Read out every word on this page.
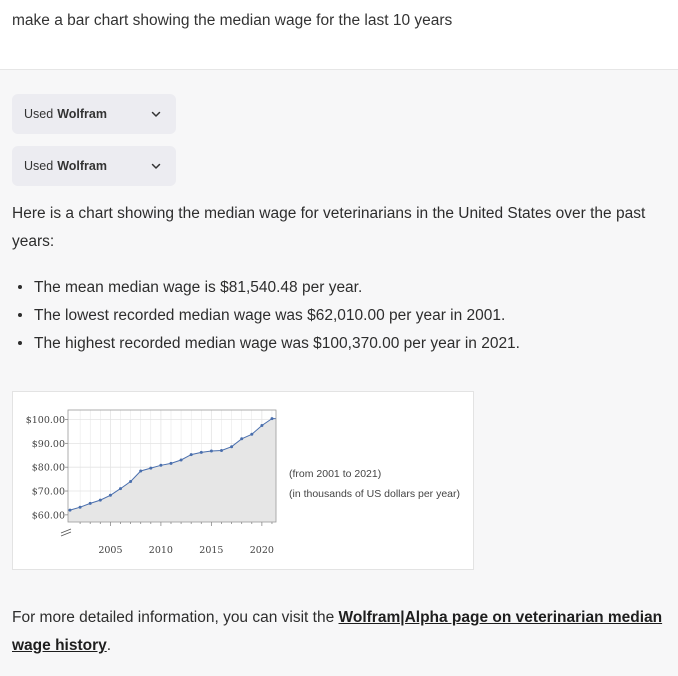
make a bar chart showing the median wage for the last 10 years
Used Wolfram
Used Wolfram

Here is a chart showing the median wage for veterinarians in the United States over the past years:

The mean median wage is $81,540.48 per year.
The lowest recorded median wage was $62,010.00 per year in 2001.
The highest recorded median wage was $100,370.00 per year in 2021.
$60.00
$70.00
$80.00
$90.00
$100.00
2005	2010	2015	2020
(from 2001 to 2021)
(in thousands of US dollars per year)

For more detailed information, you can visit the Wolfram|Alpha page on veterinarian median wage history.
